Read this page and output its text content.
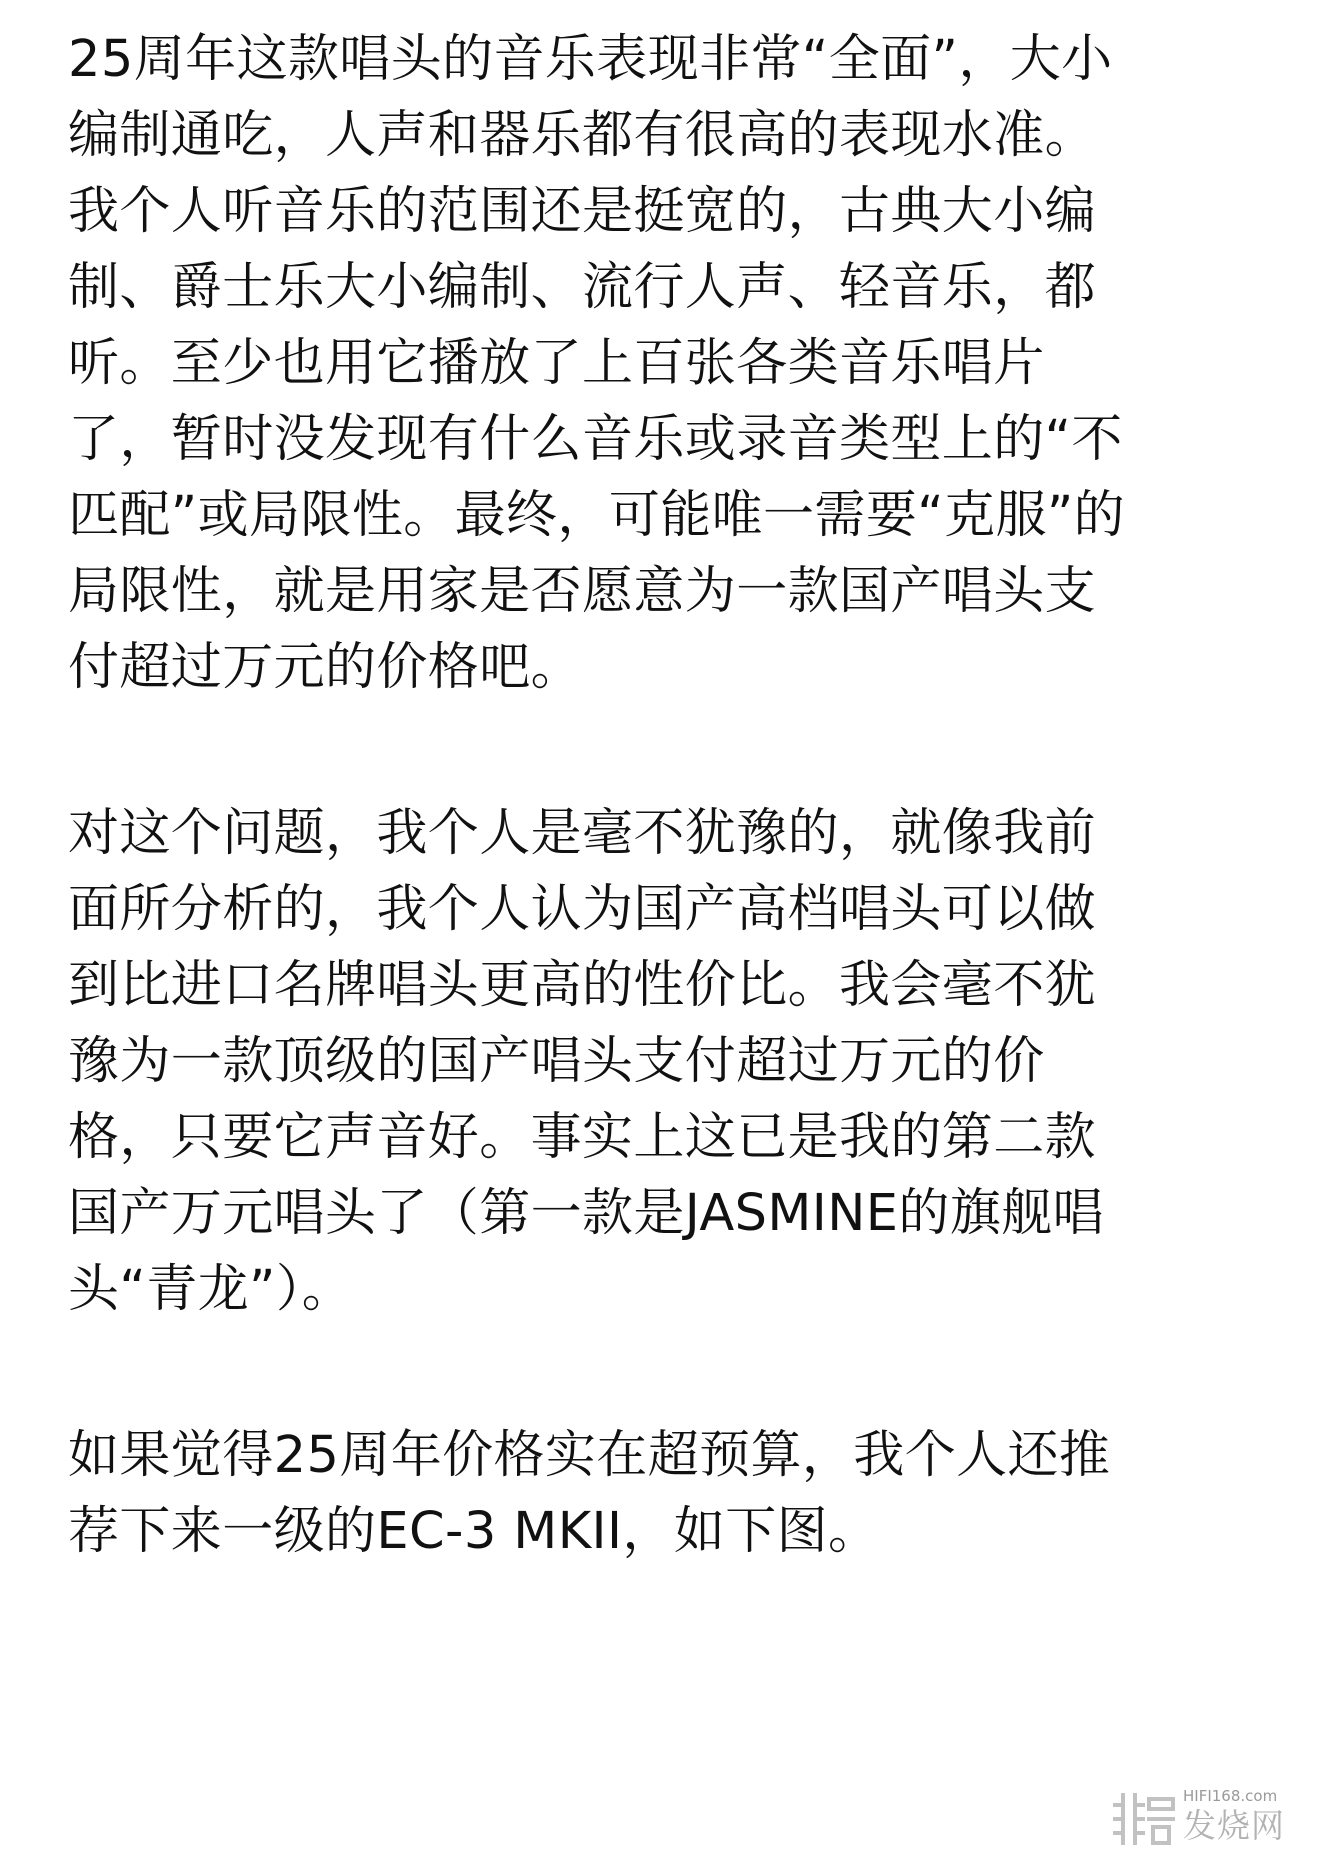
25周年这款唱头的音乐表现非常“全面”，大小
编制通吃，人声和器乐都有很高的表现水准。
我个人听音乐的范围还是挺宽的，古典大小编
制、爵士乐大小编制、流行人声、轻音乐，都
听。至少也用它播放了上百张各类音乐唱片
了，暂时没发现有什么音乐或录音类型上的“不
匹配”或局限性。最终，可能唯一需要“克服”的
局限性，就是用家是否愿意为一款国产唱头支
付超过万元的价格吧。
对这个问题，我个人是毫不犹豫的，就像我前
面所分析的，我个人认为国产高档唱头可以做
到比进口名牌唱头更高的性价比。我会毫不犹
豫为一款顶级的国产唱头支付超过万元的价
格，只要它声音好。事实上这已是我的第二款
国产万元唱头了（第一款是JASMINE的旗舰唱
头“青龙”）。
如果觉得25周年价格实在超预算，我个人还推
荐下来一级的EC-3 MKII，如下图。
HIFI168.com
发烧网
